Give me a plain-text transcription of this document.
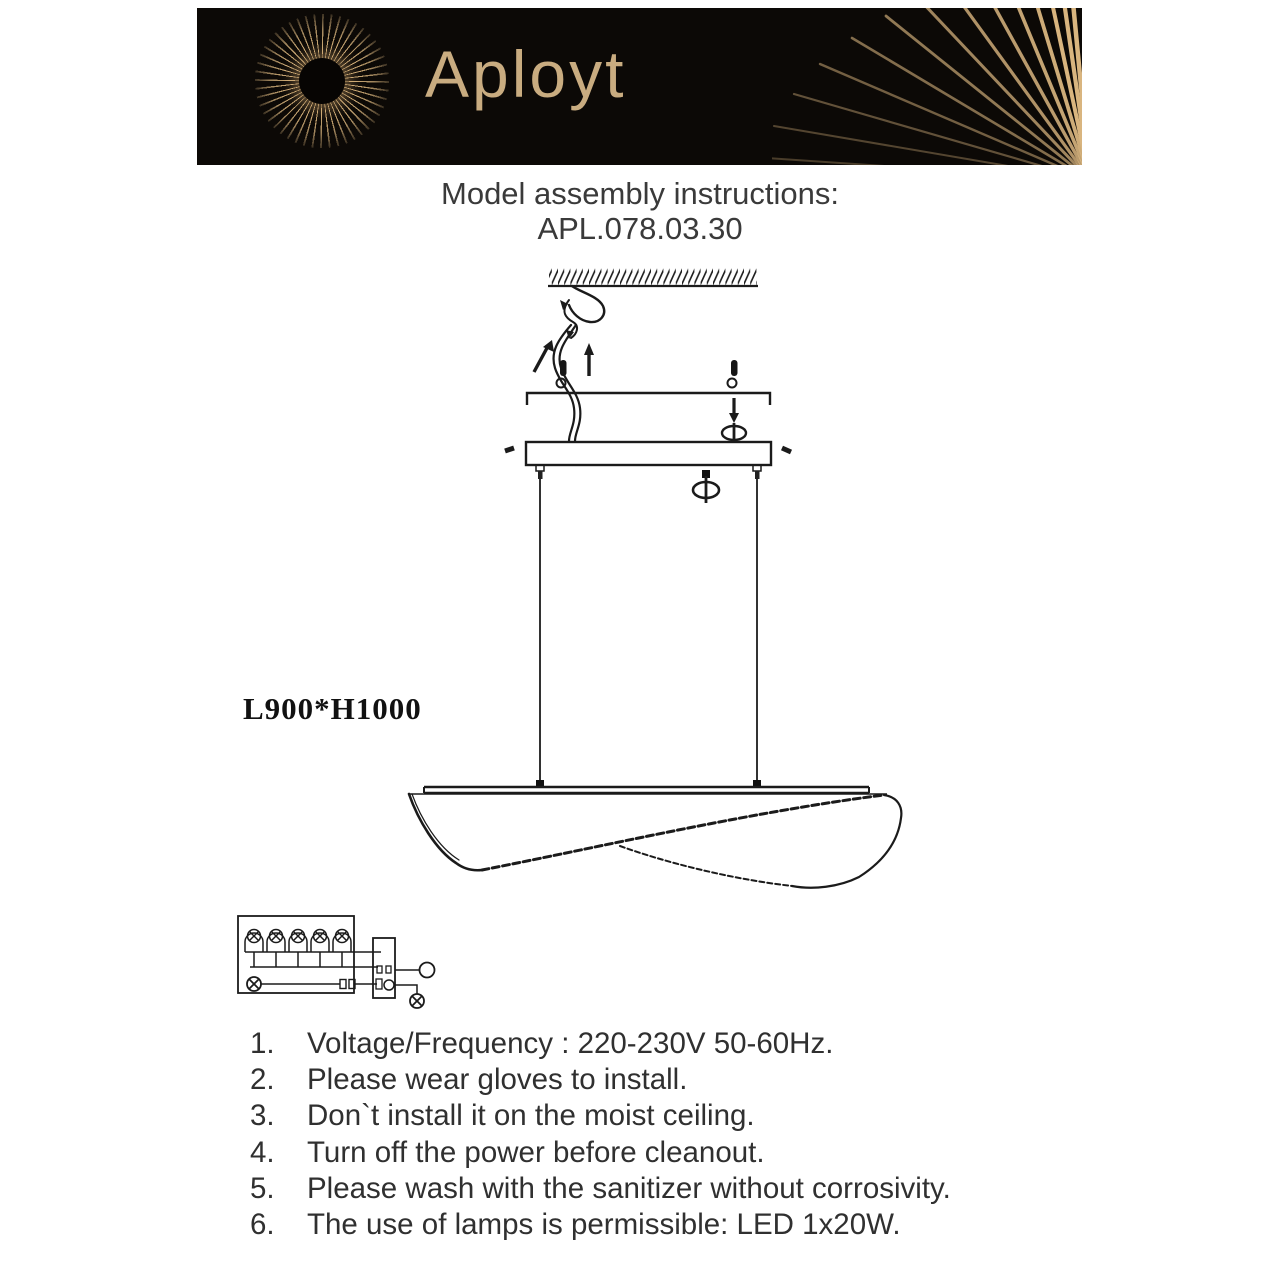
Aployt
Model assembly instructions:
APL.078.03.30
L900*H1000
1.	Voltage/Frequency : 220-230V 50-60Hz.
2.	Please wear gloves to install.
3.	Don`t install it on the moist ceiling.
4.	Turn off the power before cleanout.
5.	Please wash with the sanitizer without corrosivity.
6.	The use of lamps is permissible: LED 1x20W.
